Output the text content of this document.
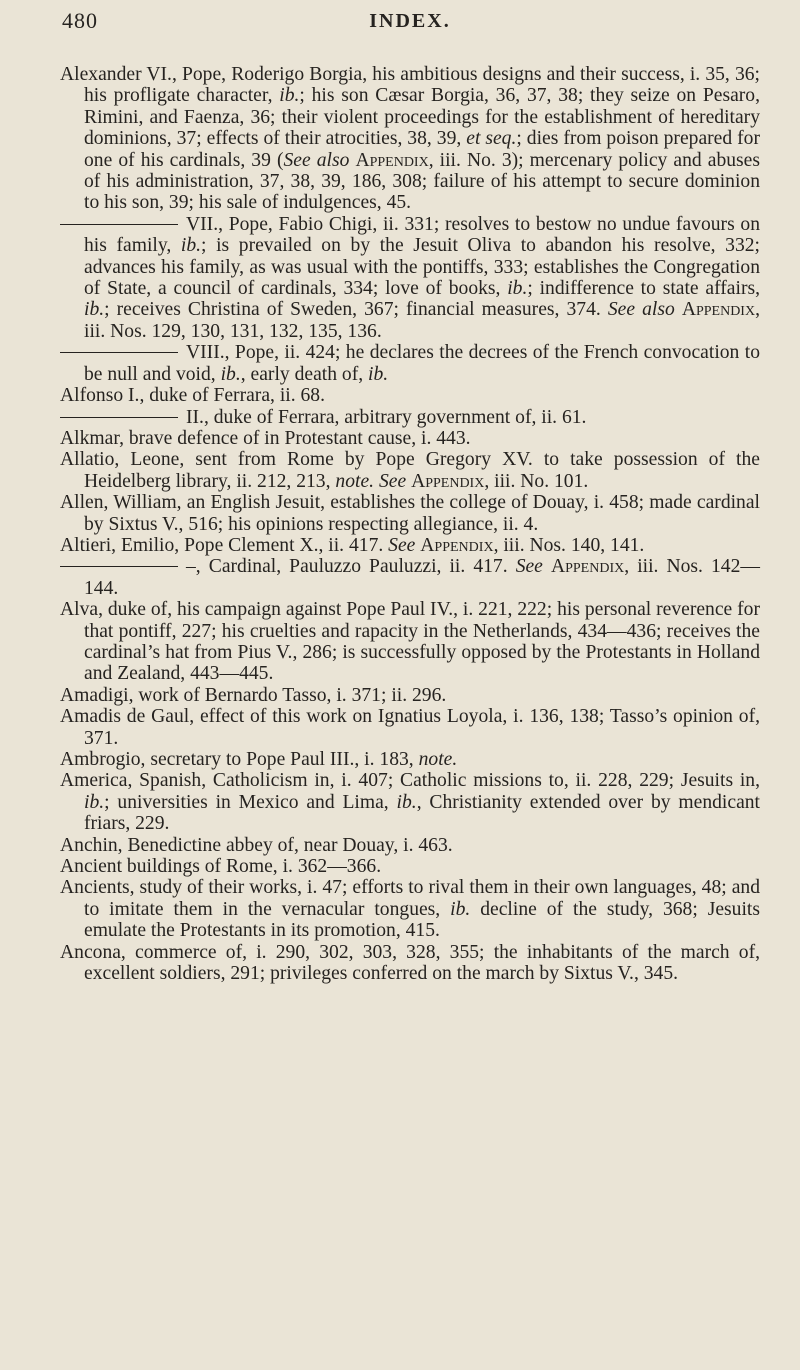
480	INDEX.

Alexander VI., Pope, Roderigo Borgia, his ambitious designs and their success, i. 35, 36; his profligate character, ib.; his son Cæsar Borgia, 36, 37, 38; they seize on Pesaro, Rimini, and Faenza, 36; their violent proceedings for the establishment of hereditary dominions, 37; effects of their atrocities, 38, 39, et seq.; dies from poison prepared for one of his cardinals, 39 (See also Appendix, iii. No. 3); mercenary policy and abuses of his administration, 37, 38, 39, 186, 308; failure of his attempt to secure dominion to his son, 39; his sale of indulgences, 45.

VII., Pope, Fabio Chigi, ii. 331; resolves to bestow no undue favours on his family, ib.; is prevailed on by the Jesuit Oliva to abandon his resolve, 332; advances his family, as was usual with the pontiffs, 333; establishes the Congregation of State, a council of cardinals, 334; love of books, ib.; indifference to state affairs, ib.; receives Christina of Sweden, 367; financial measures, 374. See also Appendix, iii. Nos. 129, 130, 131, 132, 135, 136.

VIII., Pope, ii. 424; he declares the decrees of the French convocation to be null and void, ib., early death of, ib.

Alfonso I., duke of Ferrara, ii. 68.

II., duke of Ferrara, arbitrary government of, ii. 61.

Alkmar, brave defence of in Protestant cause, i. 443.

Allatio, Leone, sent from Rome by Pope Gregory XV. to take possession of the Heidelberg library, ii. 212, 213, note. See Appendix, iii. No. 101.

Allen, William, an English Jesuit, establishes the college of Douay, i. 458; made cardinal by Sixtus V., 516; his opinions respecting allegiance, ii. 4.

Altieri, Emilio, Pope Clement X., ii. 417. See Appendix, iii. Nos. 140, 141.

–, Cardinal, Pauluzzo Pauluzzi, ii. 417. See Appendix, iii. Nos. 142—144.

Alva, duke of, his campaign against Pope Paul IV., i. 221, 222; his personal reverence for that pontiff, 227; his cruelties and rapacity in the Netherlands, 434—436; receives the cardinal’s hat from Pius V., 286; is successfully opposed by the Protestants in Holland and Zealand, 443—445.

Amadigi, work of Bernardo Tasso, i. 371; ii. 296.

Amadis de Gaul, effect of this work on Ignatius Loyola, i. 136, 138; Tasso’s opinion of, 371.

Ambrogio, secretary to Pope Paul III., i. 183, note.

America, Spanish, Catholicism in, i. 407; Catholic missions to, ii. 228, 229; Jesuits in, ib.; universities in Mexico and Lima, ib., Christianity extended over by mendicant friars, 229.

Anchin, Benedictine abbey of, near Douay, i. 463.

Ancient buildings of Rome, i. 362—366.

Ancients, study of their works, i. 47; efforts to rival them in their own languages, 48; and to imitate them in the vernacular tongues, ib. decline of the study, 368; Jesuits emulate the Protestants in its promotion, 415.

Ancona, commerce of, i. 290, 302, 303, 328, 355; the inhabitants of the march of, excellent soldiers, 291; privileges conferred on the march by Sixtus V., 345.
